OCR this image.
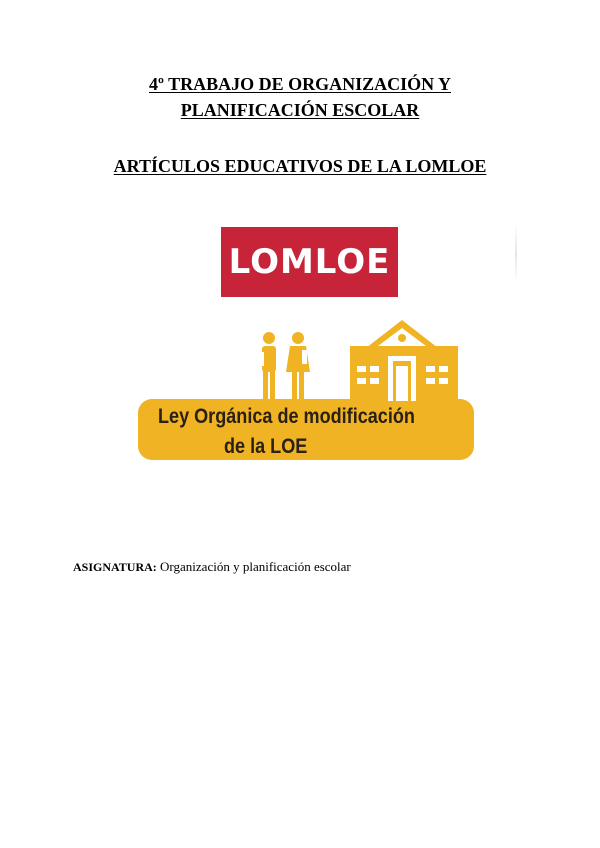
4º TRABAJO DE ORGANIZACIÓN Y
PLANIFICACIÓN ESCOLAR
ARTÍCULOS EDUCATIVOS DE LA LOMLOE
LOMLOE
Ley Orgánica de modificación
de la LOE
ASIGNATURA: Organización y planificación escolar
